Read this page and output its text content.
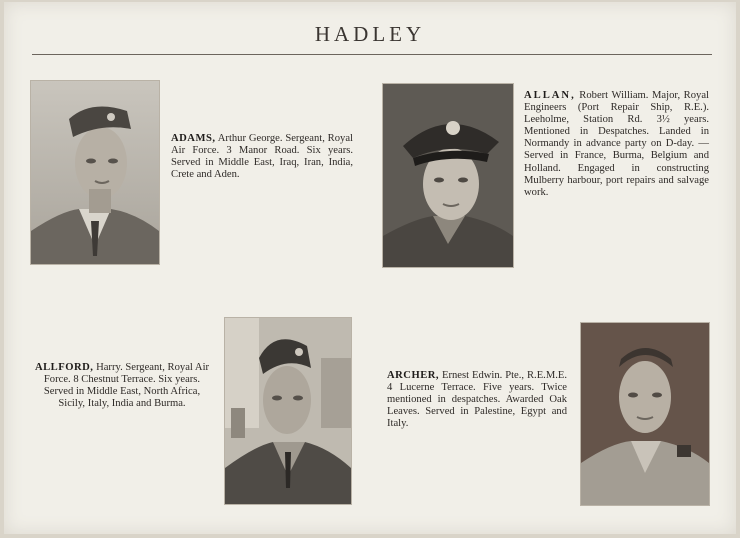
HADLEY
ADAMS, Arthur George. Sergeant, Royal Air Force. 3 Manor Road. Six years. Served in Middle East, Iraq, Iran, India, Crete and Aden.
ALLAN, Robert William. Major, Royal Engineers (Port Repair Ship, R.E.). Leeholme, Station Rd. 3½ years. Mentioned in Despatches. Landed in Normandy in advance party on D-day. — Served in France, Burma, Belgium and Holland. Engaged in constructing Mulberry harbour, port repairs and salvage work.
ALLFORD, Harry. Sergeant, Royal Air Force. 8 Chestnut Terrace. Six years. Served in Middle East, North Africa, Sicily, Italy, India and Burma.
ARCHER, Ernest Edwin. Pte., R.E.M.E. 4 Lucerne Terrace. Five years. Twice mentioned in despatches. Awarded Oak Leaves. Served in Palestine, Egypt and Italy.
